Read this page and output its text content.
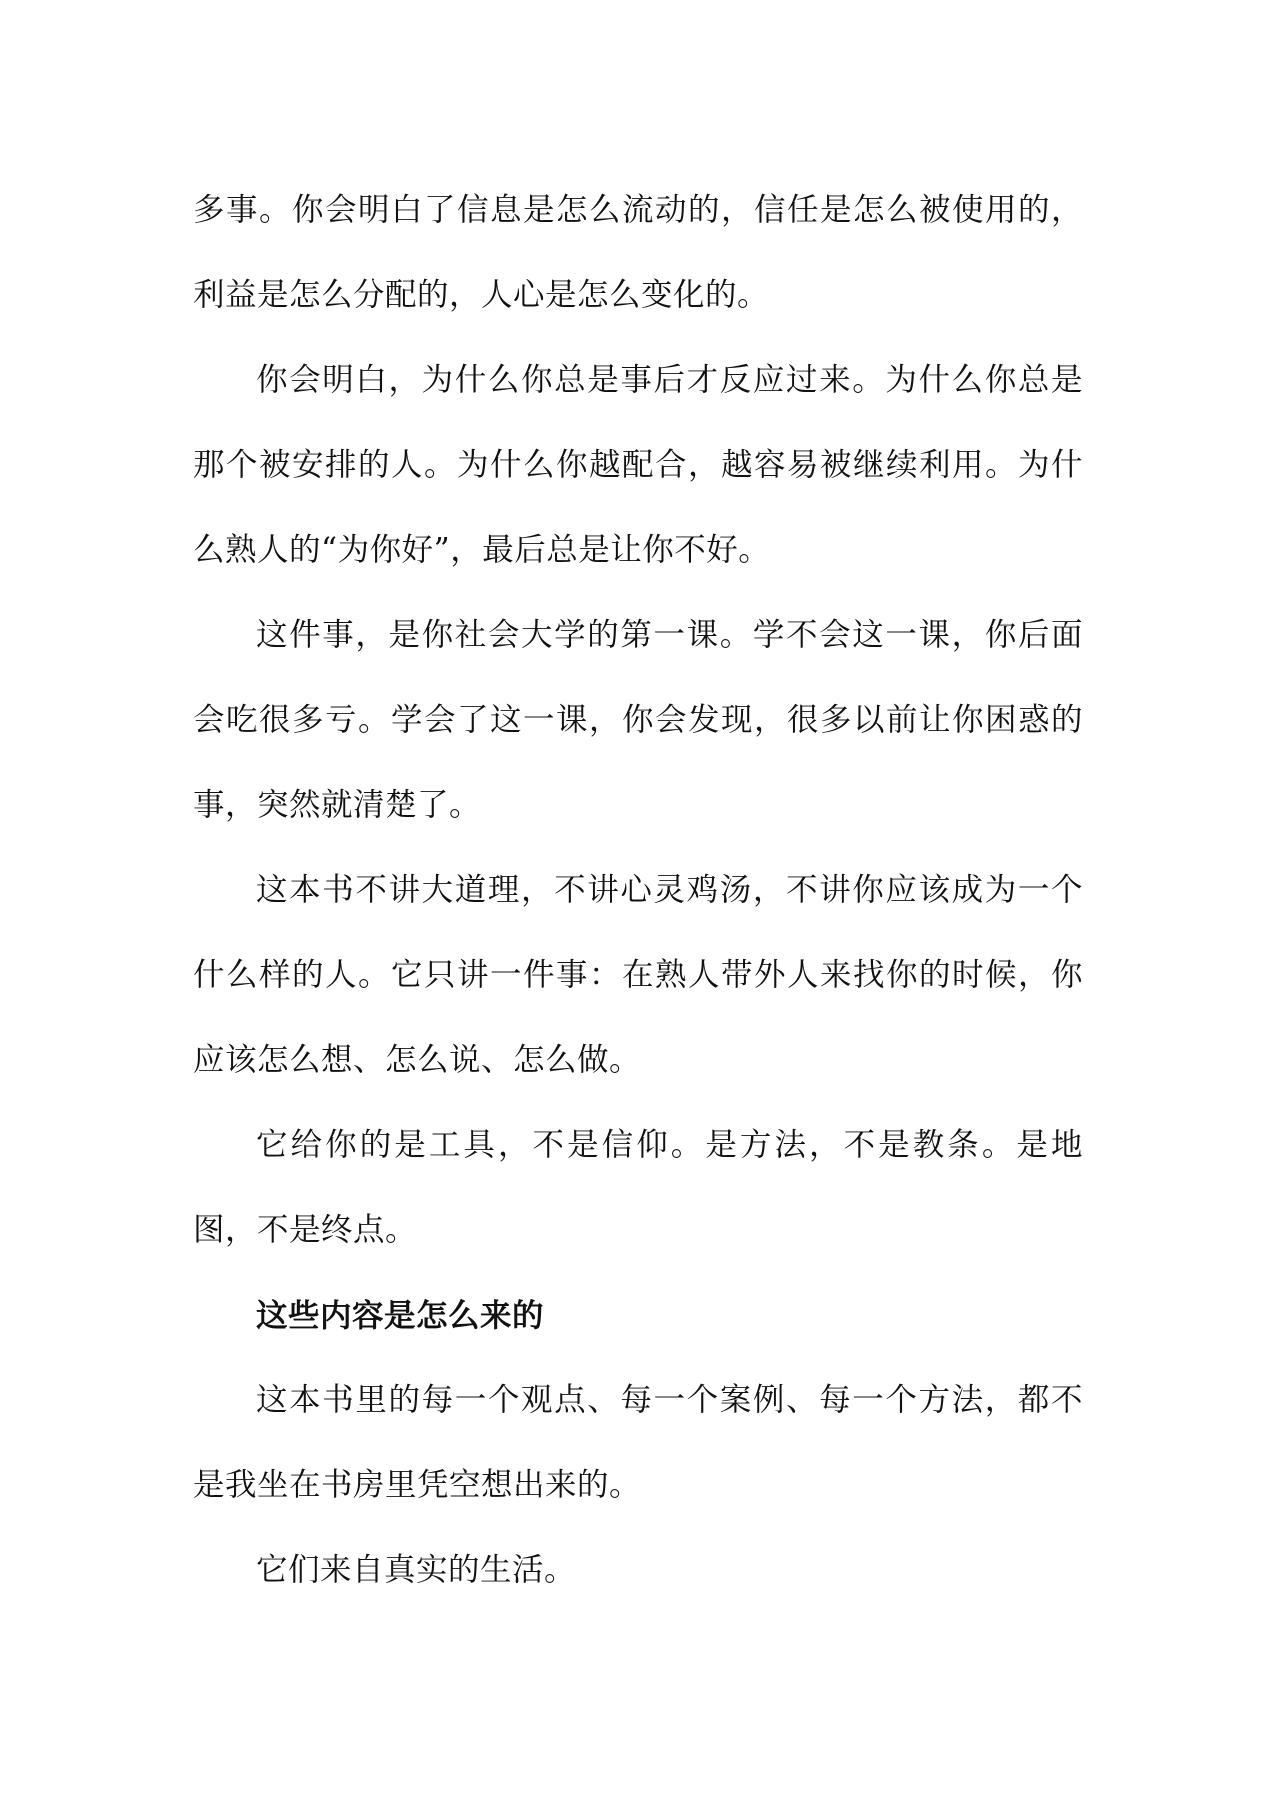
多事。你会明白了信息是怎么流动的，信任是怎么被使用的，利益是怎么分配的，人心是怎么变化的。

你会明白，为什么你总是事后才反应过来。为什么你总是那个被安排的人。为什么你越配合，越容易被继续利用。为什么熟人的“为你好”，最后总是让你不好。

这件事，是你社会大学的第一课。学不会这一课，你后面会吃很多亏。学会了这一课，你会发现，很多以前让你困惑的事，突然就清楚了。

这本书不讲大道理，不讲心灵鸡汤，不讲你应该成为一个什么样的人。它只讲一件事：在熟人带外人来找你的时候，你应该怎么想、怎么说、怎么做。

它给你的是工具，不是信仰。是方法，不是教条。是地图，不是终点。

这些内容是怎么来的

这本书里的每一个观点、每一个案例、每一个方法，都不是我坐在书房里凭空想出来的。

它们来自真实的生活。
